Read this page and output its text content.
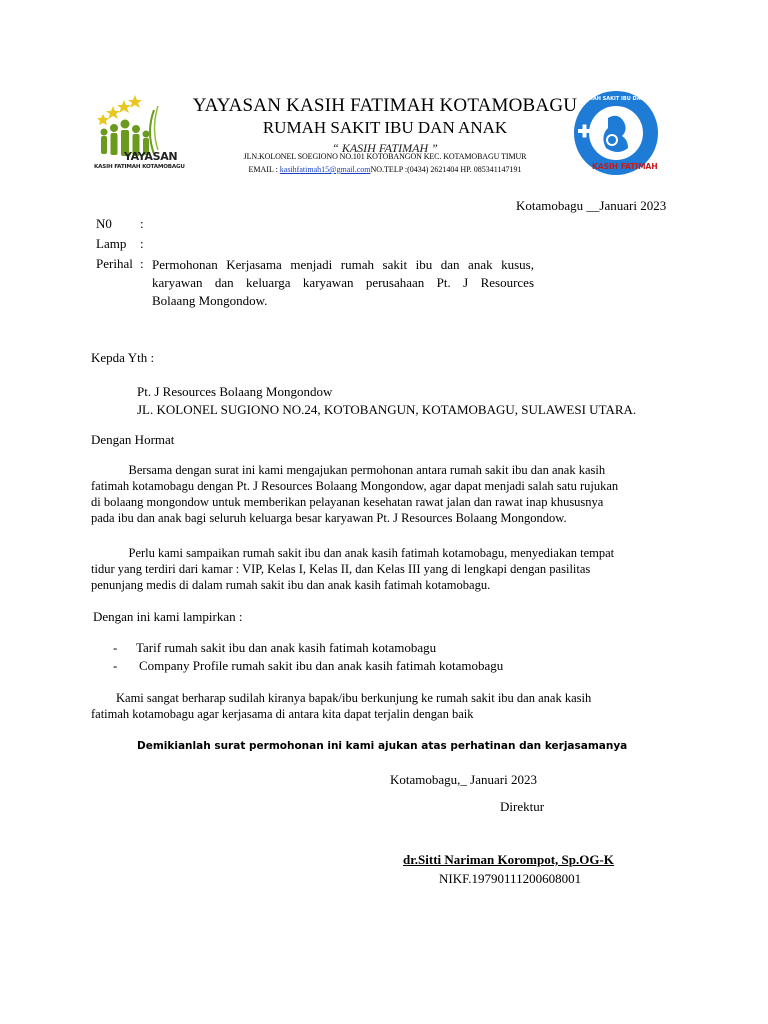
YAYASAN
KASIH FATIMAH KOTAMOBAGU
RUMAH SAKIT IBU DAN ANAK
KASIH FATIMAH
YAYASAN KASIH FATIMAH KOTAMOBAGU
RUMAH SAKIT IBU DAN ANAK
“ KASIH FATIMAH ”
JLN.KOLONEL SOEGIONO NO.101 KOTOBANGON KEC. KOTAMOBAGU TIMUR
EMAIL : kasihfatimah15@gmail.comNO.TELP :(0434) 2621404 HP. 085341147191
Kotamobagu __Januari 2023
N0 :
Lamp :
Perihal : Permohonan Kerjasama menjadi rumah sakit ibu dan anak kusus,
karyawan dan keluarga karyawan perusahaan Pt. J Resources
Bolaang Mongondow.
Kepda Yth :
Pt. J Resources Bolaang Mongondow
JL. KOLONEL SUGIONO NO.24, KOTOBANGUN, KOTAMOBAGU, SULAWESI UTARA.
Dengan Hormat
Bersama dengan surat ini kami mengajukan permohonan antara rumah sakit ibu dan anak kasih
fatimah kotamobagu dengan Pt. J Resources Bolaang Mongondow, agar dapat menjadi salah satu rujukan
di bolaang mongondow untuk memberikan pelayanan kesehatan rawat jalan dan rawat inap khususnya
pada ibu dan anak bagi seluruh keluarga besar karyawan Pt. J Resources Bolaang Mongondow.
Perlu kami sampaikan rumah sakit ibu dan anak kasih fatimah kotamobagu, menyediakan tempat
tidur yang terdiri dari kamar : VIP, Kelas I, Kelas II, dan Kelas III yang di lengkapi dengan pasilitas
penunjang medis di dalam rumah sakit ibu dan anak kasih fatimah kotamobagu.
Dengan ini kami lampirkan :
- Tarif rumah sakit ibu dan anak kasih fatimah kotamobagu
- Company Profile rumah sakit ibu dan anak kasih fatimah kotamobagu
Kami sangat berharap sudilah kiranya bapak/ibu berkunjung ke rumah sakit ibu dan anak kasih
fatimah kotamobagu agar kerjasama di antara kita dapat terjalin dengan baik
Demikianlah surat permohonan ini kami ajukan atas perhatinan dan kerjasamanya
Kotamobagu,_ Januari 2023
Direktur
dr.Sitti Nariman Korompot, Sp.OG-K
NIKF.19790111200608001
